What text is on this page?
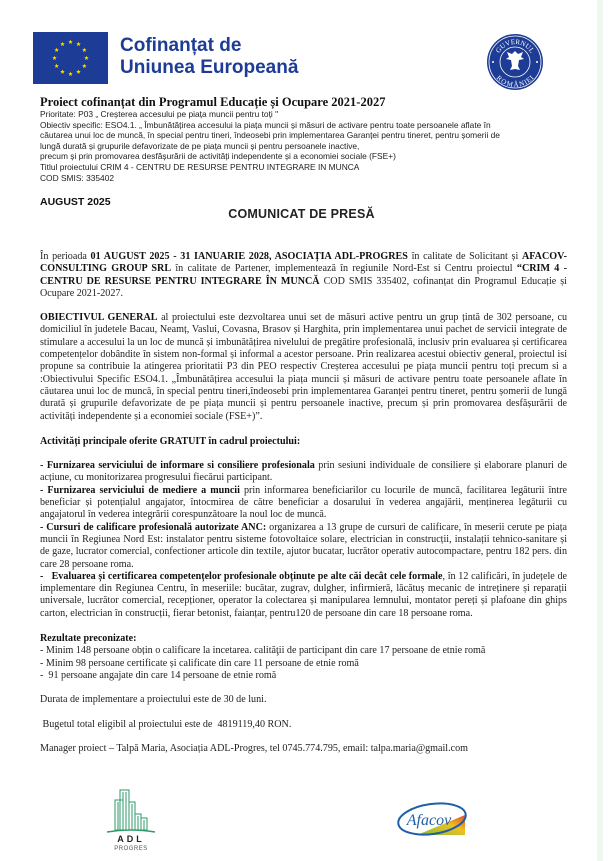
Cofinanțat de
Uniunea Europeană
GUVERNUL
ROMÂNIEI
Proiect cofinanțat din Programul Educație și Ocupare 2021-2027
Prioritate: P03 „ Creșterea accesului pe piața muncii pentru toți "
Obiectiv specific: ESO4.1. „ Îmbunătățirea accesului la piața muncii și măsuri de activare pentru toate persoanele aflate în
căutarea unui loc de muncă, în special pentru tineri, îndeosebi prin implementarea Garanței pentru tineret, pentru șomerii de
lungă durată și grupurile defavorizate de pe piața muncii și pentru persoanele inactive,
precum și prin promovarea desfășurării de activități independente și a economiei sociale (FSE+)
Titlul proiectului CRIM 4 - CENTRU DE RESURSE PENTRU INTEGRARE IN MUNCA
COD SMIS: 335402
AUGUST 2025
COMUNICAT DE PRESĂ

În perioada 01 AUGUST 2025 - 31 IANUARIE 2028, ASOCIAȚIA ADL-PROGRES în calitate de Solicitant și AFACOV-CONSULTING GROUP SRL în calitate de Partener, implementează în regiunile Nord-Est si Centru proiectul “CRIM 4 - CENTRU DE RESURSE PENTRU INTEGRARE ÎN MUNCĂ COD SMIS 335402, cofinanțat din Programul Educație și Ocupare 2021-2027.

OBIECTIVUL GENERAL al proiectului este dezvoltarea unui set de măsuri active pentru un grup țintă de 302 persoane, cu domiciliul în judetele Bacau, Neamț, Vaslui, Covasna, Brasov și Harghita, prin implementarea unui pachet de servicii integrate de stimulare a accesului la un loc de muncă și imbunătățirea nivelului de pregătire profesională, inclusiv prin evaluarea și certificarea competențelor dobândite în sistem non-formal și informal a acestor persoane. Prin realizarea acestui obiectiv general, proiectul isi propune sa contribuie la atingerea prioritatii P3 din PEO respectiv Creșterea accesului pe piața muncii pentru toți precum si a :Obiectivului Specific ESO4.1. „Îmbunătățirea accesului la piața muncii și măsuri de activare pentru toate persoanele aflate în căutarea unui loc de muncă, în special pentru tineri,îndeosebi prin implementarea Garanței pentru tineret, pentru șomerii de lungă durată și grupurile defavorizate de pe piața muncii și pentru persoanele inactive, precum și prin promovarea desfășurării de activități independente și a economiei sociale (FSE+)”.

Activități principale oferite GRATUIT în cadrul proiectului:

- Furnizarea serviciului de informare si consiliere profesionala prin sesiuni individuale de consiliere și elaborare planuri de acțiune, cu monitorizarea progresului fiecărui participant.

- Furnizarea serviciului de mediere a muncii prin informarea beneficiarilor cu locurile de muncă, facilitarea legăturii între beneficiar și potențialul angajator, întocmirea de către beneficiar a dosarului în vederea angajării, menținerea legăturii cu angajatorul în vederea integrării corespunzătoare la noul loc de muncă.

- Cursuri de calificare profesională autorizate ANC: organizarea a 13 grupe de cursuri de calificare, în meserii cerute pe piața muncii în Regiunea Nord Est: instalator pentru sisteme fotovoltaice solare, electrician in construcții, instalații tehnico-sanitare și de gaze, lucrator comercial, confectioner articole din textile, ajutor bucatar, lucrător operativ autocompactare, pentru 182 pers. din care 28 persoane roma.

-   Evaluarea și certificarea competențelor profesionale obținute pe alte căi decât cele formale, în 12 calificări, în județele de implementare din Regiunea Centru, în meseriile: bucătar, zugrav, dulgher, infirmieră, lăcătuș mecanic de intreținere și reparații universale, lucrător comercial, recepționer, operator la colectarea și manipularea lemnului, montator pereți și plafoane din ghips carton, electrician în construcții, fierar betonist, faianțar, pentru120 de persoane din care 18 persoane roma.

Rezultate preconizate:

- Minim 148 persoane obțin o calificare la incetarea. calităţii de participant din care 17 persoane de etnie romă

- Minim 98 persoane certificate și calificate din care 11 persoane de etnie romă

-  91 persoane angajate din care 14 persoane de etnie romă

Durata de implementare a proiectului este de 30 de luni.

Bugetul total eligibil al proiectului este de  4819119,40 RON.

Manager proiect – Talpă Maria, Asociația ADL-Progres, tel 0745.774.795, email: talpa.maria@gmail.com

ADL
PROGRES
Afacov
